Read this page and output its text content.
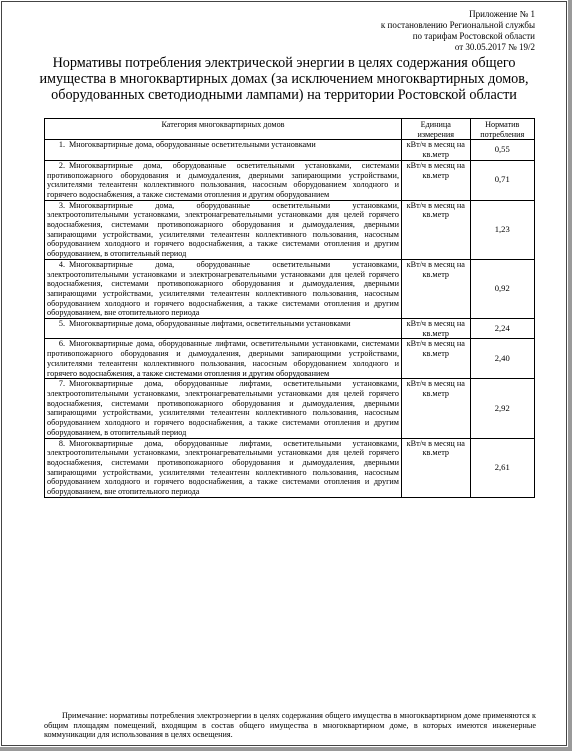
Приложение № 1
к постановлению Региональной службы
по тарифам Ростовской области
от 30.05.2017 № 19/2
Нормативы потребления электрической энергии в целях содержания общего имущества в многоквартирных домах (за исключением многоквартирных домов, оборудованных светодиодными лампами) на территории Ростовской области
Категория многоквартирных домов	Единица измерения	Норматив потребления
1. Многоквартирные дома, оборудованные осветительными установками	кВт/ч в месяц на кв.метр	0,55
2. Многоквартирные дома, оборудованные осветительными установками, системами противопожарного оборудования и дымоудаления, дверными запирающими устройствами, усилителями телеантенн коллективного пользования, насосным оборудованием холодного и горячего водоснабжения, а также системами отопления и другим оборудованием	кВт/ч в месяц на кв.метр	0,71
3. Многоквартирные дома, оборудованные осветительными установками, электроотопительными установками, электронагревательными установками для целей горячего водоснабжения, системами противопожарного оборудования и дымоудаления, дверными запирающими устройствами, усилителями телеантенн коллективного пользования, насосным оборудованием холодного и горячего водоснабжения, а также системами отопления и другим оборудованием, в отопительный период	кВт/ч в месяц на кв.метр	1,23
4. Многоквартирные дома, оборудованные осветительными установками, электроотопительными установками и электронагревательными установками для целей горячего водоснабжения, системами противопожарного оборудования и дымоудаления, дверными запирающими устройствами, усилителями телеантенн коллективного пользования, насосным оборудованием холодного и горячего водоснабжения, а также системами отопления и другим оборудованием, вне отопительного периода	кВт/ч в месяц на кв.метр	0,92
5. Многоквартирные дома, оборудованные лифтами, осветительными установками	кВт/ч в месяц на кв.метр	2,24
6. Многоквартирные дома, оборудованные лифтами, осветительными установками, системами противопожарного оборудования и дымоудаления, дверными запирающими устройствами, усилителями телеантенн коллективного пользования, насосным оборудованием холодного и горячего водоснабжения, а также системами отопления и другим оборудованием	кВт/ч в месяц на кв.метр	2,40
7. Многоквартирные дома, оборудованные лифтами, осветительными установками, электроотопительными установками, электронагревательными установками для целей горячего водоснабжения, системами противопожарного оборудования и дымоудаления, дверными запирающими устройствами, усилителями телеантенн коллективного пользования, насосным оборудованием холодного и горячего водоснабжения, а также системами отопления и другим оборудованием, в отопительный период	кВт/ч в месяц на кв.метр	2,92
8. Многоквартирные дома, оборудованные лифтами, осветительными установками, электроотопительными установками, электронагревательными установками для целей горячего водоснабжения, системами противопожарного оборудования и дымоудаления, дверными запирающими устройствами, усилителями телеантенн коллективного пользования, насосным оборудованием холодного и горячего водоснабжения, а также системами отопления и другим оборудованием, вне отопительного периода	кВт/ч в месяц на кв.метр	2,61
Примечание: нормативы потребления электроэнергии в целях содержания общего имущества в многоквартирном доме применяются к общим площадям помещений, входящим в состав общего имущества в многоквартирном доме, в которых имеются инженерные коммуникации для использования в целях освещения.
